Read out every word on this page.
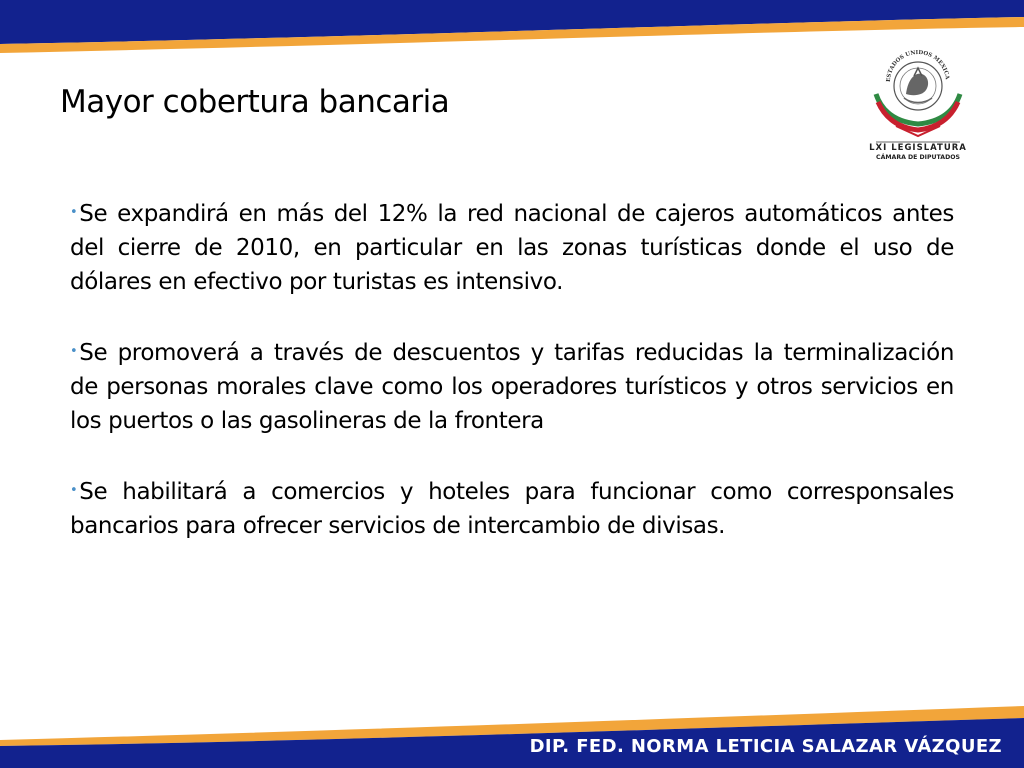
Mayor cobertura bancaria
ESTADOS UNIDOS MEXICA
LXI LEGISLATURA
CÁMARA DE DIPUTADOS

•Se expandirá en más del 12% la red nacional de cajeros automáticos antes del cierre de 2010, en particular en las zonas turísticas donde el uso de dólares en efectivo por turistas es intensivo.

•Se promoverá a través de descuentos y tarifas reducidas la terminalización de personas morales clave como los operadores turísticos y otros servicios en los puertos o las gasolineras de la frontera

•Se habilitará a comercios y hoteles para funcionar como corresponsales bancarios para ofrecer servicios de intercambio de divisas.

DIP. FED. NORMA LETICIA SALAZAR VÁZQUEZ
